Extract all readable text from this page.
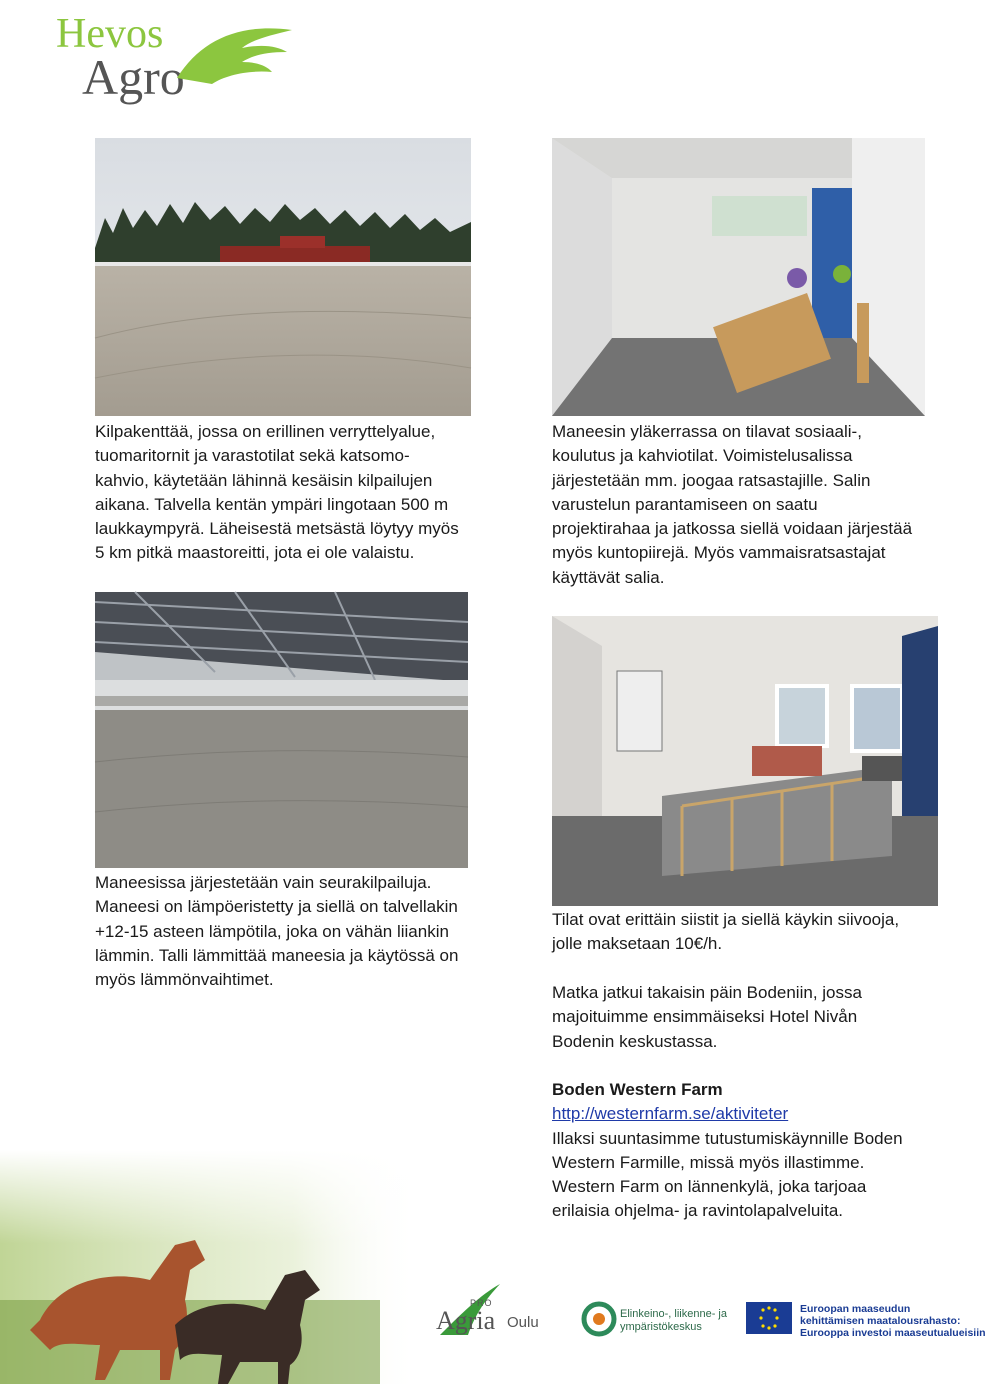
Hevos
Agro
Kilpakenttää, jossa on erillinen verryttelyalue,
tuomaritornit ja varastotilat sekä katsomo-
kahvio, käytetään lähinnä kesäisin kilpailujen
aikana. Talvella kentän ympäri lingotaan 500 m
laukkaympyrä. Läheisestä metsästä löytyy myös
5 km pitkä maastoreitti, jota ei ole valaistu.
Maneesin yläkerrassa on tilavat sosiaali-,
koulutus ja kahviotilat. Voimistelusalissa
järjestetään mm. joogaa ratsastajille. Salin
varustelun parantamiseen on saatu
projektirahaa ja jatkossa siellä voidaan järjestää
myös kuntopiirejä. Myös vammaisratsastajat
käyttävät salia.
Maneesissa järjestetään vain seurakilpailuja.
Maneesi on lämpöeristetty ja siellä on talvellakin
+12-15 asteen lämpötila, joka on vähän liiankin
lämmin. Talli lämmittää maneesia ja käytössä on
myös lämmönvaihtimet.
Tilat ovat erittäin siistit ja siellä käykin siivooja,
jolle maksetaan 10€/h.
Matka jatkui takaisin päin Bodeniin, jossa
majoituimme ensimmäiseksi Hotel Nivån
Bodenin keskustassa.
Boden Western Farm
http://westernfarm.se/aktiviteter
Illaksi suuntasimme tutustumiskäynnille Boden
Western Farmille, missä myös illastimme.
Western Farm on lännenkylä, joka tarjoaa
erilaisia ohjelma- ja ravintolapalveluita.
PRO
Agria Oulu	Elinkeino-, liikenne- ja
ympäristökeskus
Euroopan maaseudun
kehittämisen maatalousrahasto:
Eurooppa investoi maaseutualueisiin
